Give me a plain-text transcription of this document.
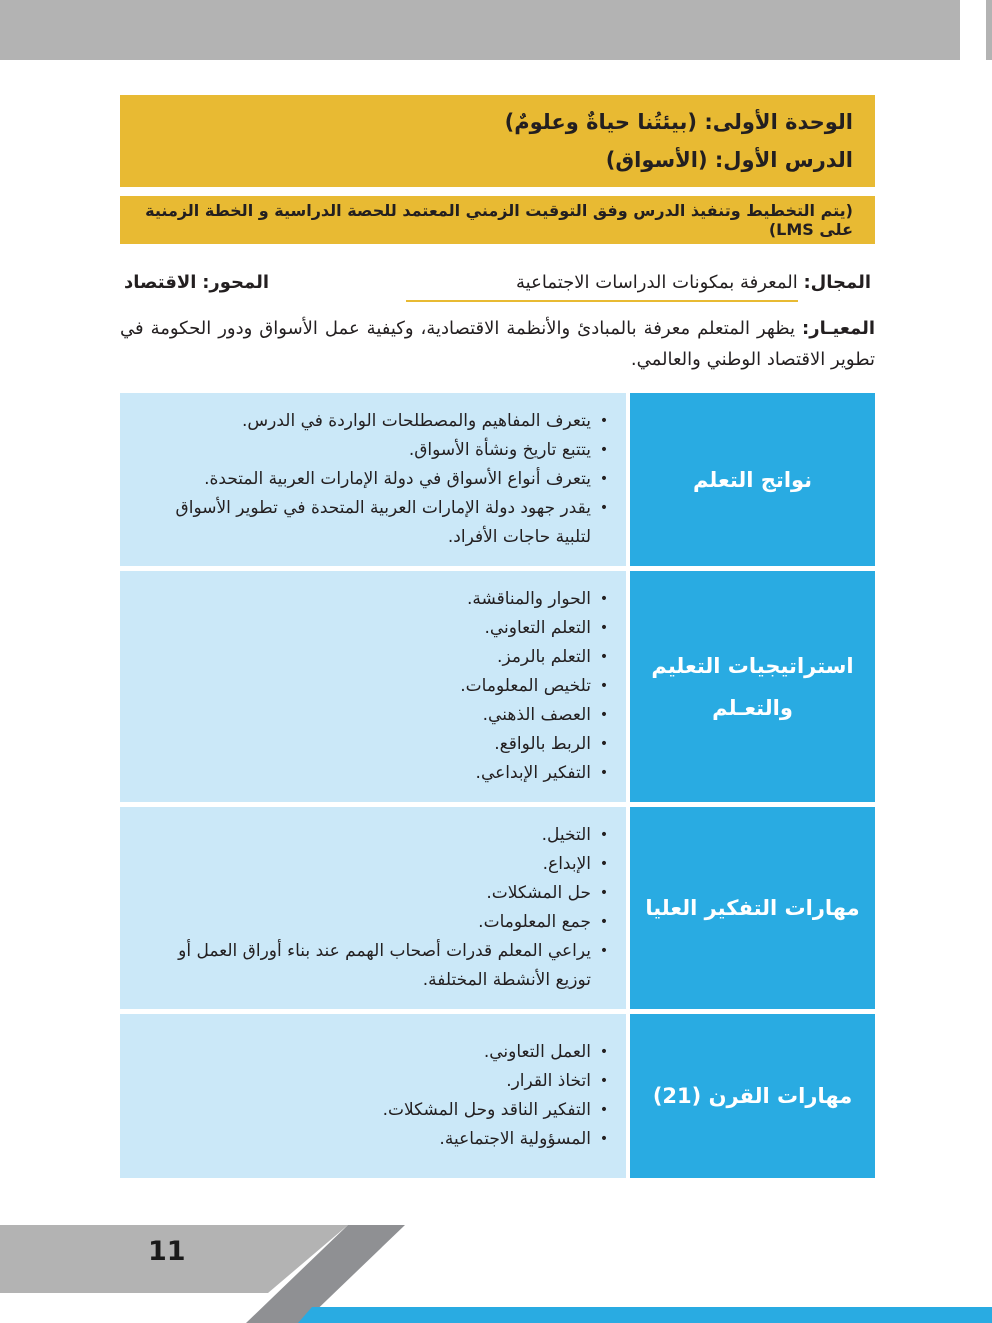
الوحدة الأولى: (بيئتُنا حياةٌ وعلومٌ)
الدرس الأول: (الأسواق)
(يتم التخطيط وتنفيذ الدرس وفق التوقيت الزمني المعتمد للحصة الدراسية و الخطة الزمنية على LMS)
المجال: المعرفة بمكونات الدراسات الاجتماعية
المحور: الاقتصاد

المعيـار: يظهر المتعلم معرفة بالمبادئ والأنظمة الاقتصادية، وكيفية عمل الأسواق ودور الحكومة في تطوير الاقتصاد الوطني والعالمي.

نواتج التعلم
•
يتعرف المفاهيم والمصطلحات الواردة في الدرس.
•
يتتبع تاريخ ونشأة الأسواق.
•
يتعرف أنواع الأسواق في دولة الإمارات العربية المتحدة.
•
يقدر جهود دولة الإمارات العربية المتحدة في تطوير الأسواق لتلبية حاجات الأفراد.
استراتيجيات التعليم والتعـلم
•
الحوار والمناقشة.
•
التعلم التعاوني.
•
التعلم بالرمز.
•
تلخيص المعلومات.
•
العصف الذهني.
•
الربط بالواقع.
•
التفكير الإبداعي.
مهارات التفكير العليا
•
التخيل.
•
الإبداع.
•
حل المشكلات.
•
جمع المعلومات.
•
يراعي المعلم قدرات أصحاب الهمم عند بناء أوراق العمل أو توزيع الأنشطة المختلفة.
مهارات القرن (21)
•
العمل التعاوني.
•
اتخاذ القرار.
•
التفكير الناقد وحل المشكلات.
•
المسؤولية الاجتماعية.
11
